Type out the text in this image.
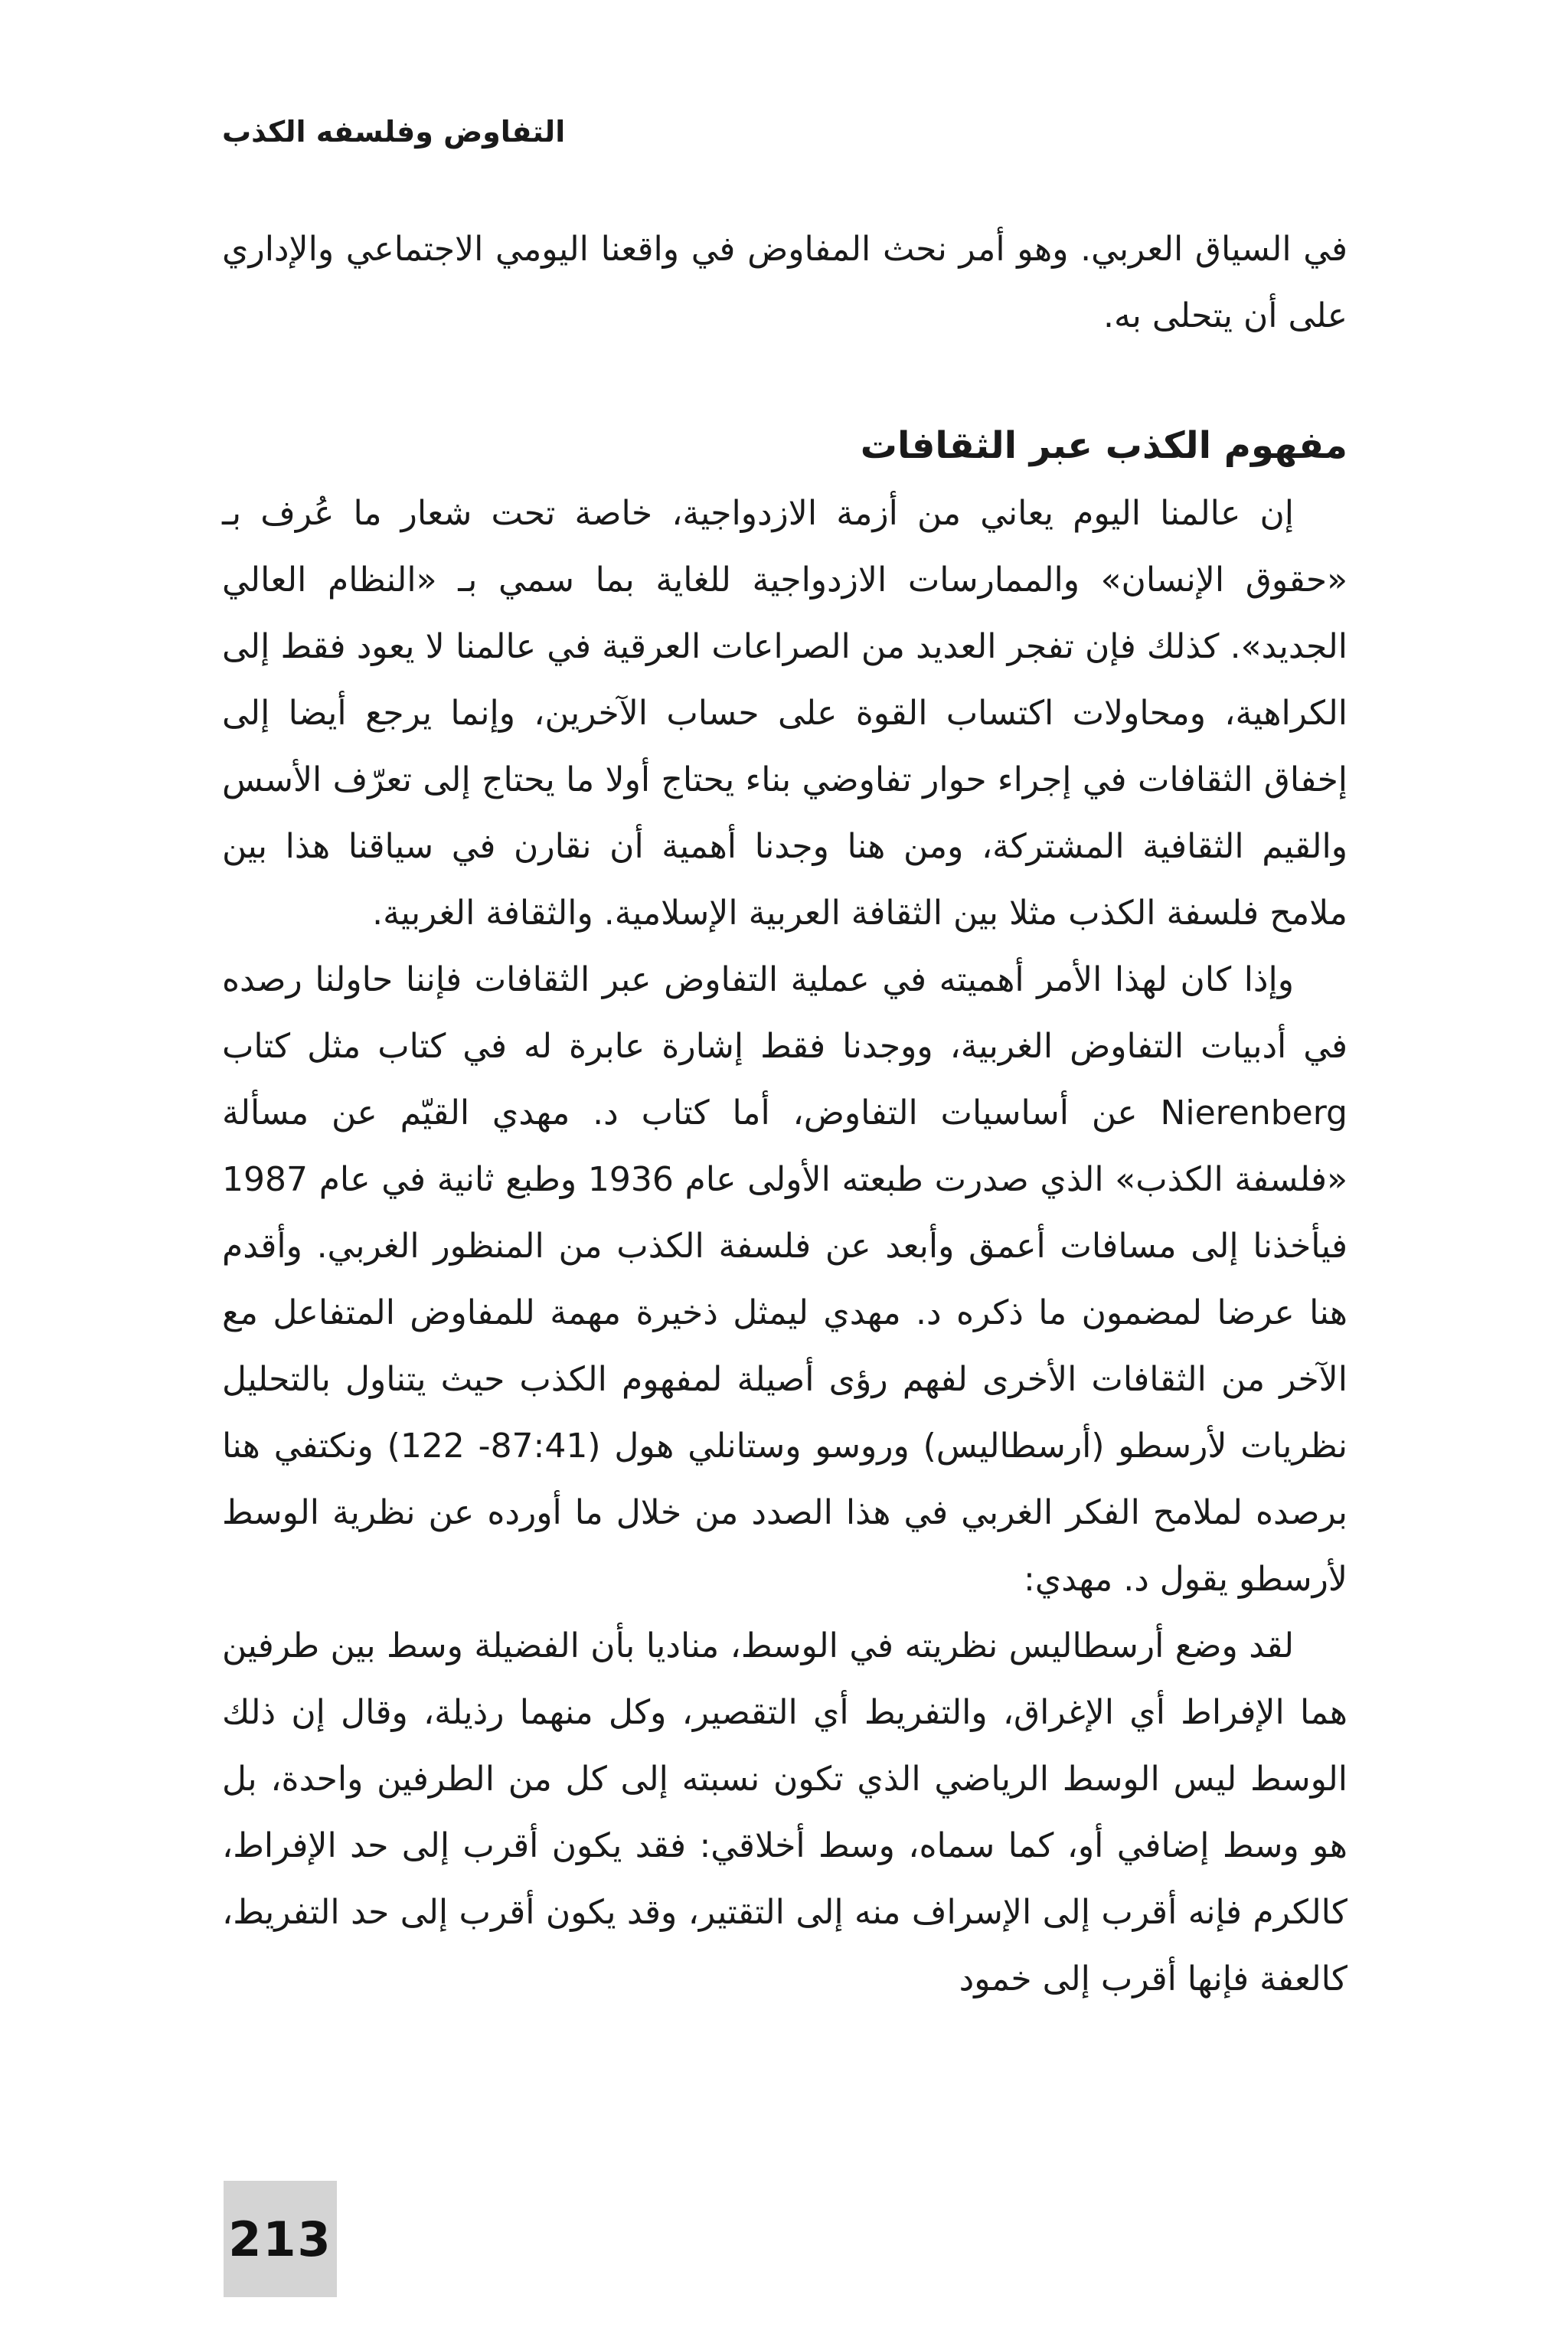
التفاوض وفلسفه الكذب

في السياق العربي. وهو أمر نحث المفاوض في واقعنا اليومي الاجتماعي والإداري على أن يتحلى به.

مفهوم الكذب عبر الثقافات

إن عالمنا اليوم يعاني من أزمة الازدواجية، خاصة تحت شعار ما عُرف بـ «حقوق الإنسان» والممارسات الازدواجية للغاية بما سمي بـ «النظام العالي الجديد». كذلك فإن تفجر العديد من الصراعات العرقية في عالمنا لا يعود فقط إلى الكراهية، ومحاولات اكتساب القوة على حساب الآخرين، وإنما يرجع أيضا إلى إخفاق الثقافات في إجراء حوار تفاوضي بناء يحتاج أولا ما يحتاج إلى تعرّف الأسس والقيم الثقافية المشتركة، ومن هنا وجدنا أهمية أن نقارن في سياقنا هذا بين ملامح فلسفة الكذب مثلا بين الثقافة العربية الإسلامية. والثقافة الغربية.

وإذا كان لهذا الأمر أهميته في عملية التفاوض عبر الثقافات فإننا حاولنا رصده في أدبيات التفاوض الغربية، ووجدنا فقط إشارة عابرة له في كتاب مثل كتاب Nierenberg عن أساسيات التفاوض، أما كتاب د. مهدي القيّم عن مسألة «فلسفة الكذب» الذي صدرت طبعته الأولى عام 1936 وطبع ثانية في عام 1987 فيأخذنا إلى مسافات أعمق وأبعد عن فلسفة الكذب من المنظور الغربي. وأقدم هنا عرضا لمضمون ما ذكره د. مهدي ليمثل ذخيرة مهمة للمفاوض المتفاعل مع الآخر من الثقافات الأخرى لفهم رؤى أصيلة لمفهوم الكذب حيث يتناول بالتحليل نظريات لأرسطو (أرسطاليس) وروسو وستانلي هول (87:41- 122) ونكتفي هنا برصده لملامح الفكر الغربي في هذا الصدد من خلال ما أورده عن نظرية الوسط لأرسطو يقول د. مهدي:

لقد وضع أرسطاليس نظريته في الوسط، مناديا بأن الفضيلة وسط بين طرفين هما الإفراط أي الإغراق، والتفريط أي التقصير، وكل منهما رذيلة، وقال إن ذلك الوسط ليس الوسط الرياضي الذي تكون نسبته إلى كل من الطرفين واحدة، بل هو وسط إضافي أو، كما سماه، وسط أخلاقي: فقد يكون أقرب إلى حد الإفراط، كالكرم فإنه أقرب إلى الإسراف منه إلى التقتير، وقد يكون أقرب إلى حد التفريط، كالعفة فإنها أقرب إلى خمود

213
